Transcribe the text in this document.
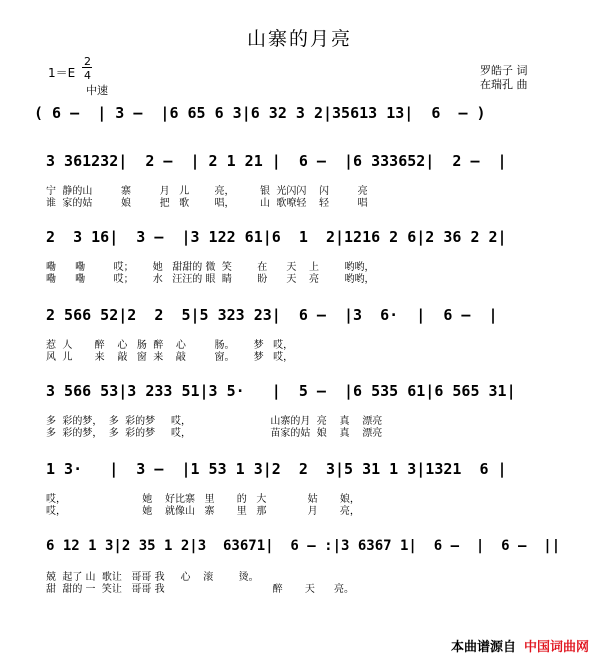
山寨的月亮
1＝E
2
4
中速
罗皓子 词
在瑞孔 曲
( 6 –  | 3 –  |6 65 6 3|6 32 3 2|35613 13|  6  – )
3 361232|  2 –  | 2 1 21 |  6 –  |6 333652|  2 –  |
宁  静的山         寨         月   儿        亮，        银  光闪闪    闪         亮
谁  家的姑         娘         把   歌        唱，        山  歌嘹轻    轻         唱
2  3 16|  3 –  |3 122 61|6  1  2|1216 2 6|2 36 2 2|
嘞      嘞         哎；      她   甜甜的 微  笑        在      天    上        哟哟，
嘞      嘞         哎；      水   汪汪的 眼  睛        盼      天    亮        哟哟，
2 566 52|2  2  5|5 323 23|  6 –  |3  6·  |  6 –  |
惹  人       醉    心   肠  醉    心         肠。      梦   哎，
风  儿       来    敲   窗  来    敲         窗。      梦   哎，
3 566 53|3 233 51|3 5·   |  5 –  |6 535 61|6 565 31|
多  彩的梦，  多  彩的梦     哎，                         山寨的月  亮    真    漂亮
多  彩的梦，  多  彩的梦     哎，                         苗家的姑  娘    真    漂亮
1 3·   |  3 –  |1 53 1 3|2  2  3|5 31 1 3|1321  6 |
哎，                        她    好比寨   里       的   大             姑       娘，
哎，                        她    就像山   寨       里   那             月       亮，
6 12 1 3|2 35 1 2|3  63671|  6 – :|3 6367 1|  6 –  |  6 –  ||
兢  起了 山  歌让   哥哥 我     心    滚        烫。
甜  甜的 一  笑让   哥哥 我                                  醉       天      亮。
本曲谱源自 中国词曲网
